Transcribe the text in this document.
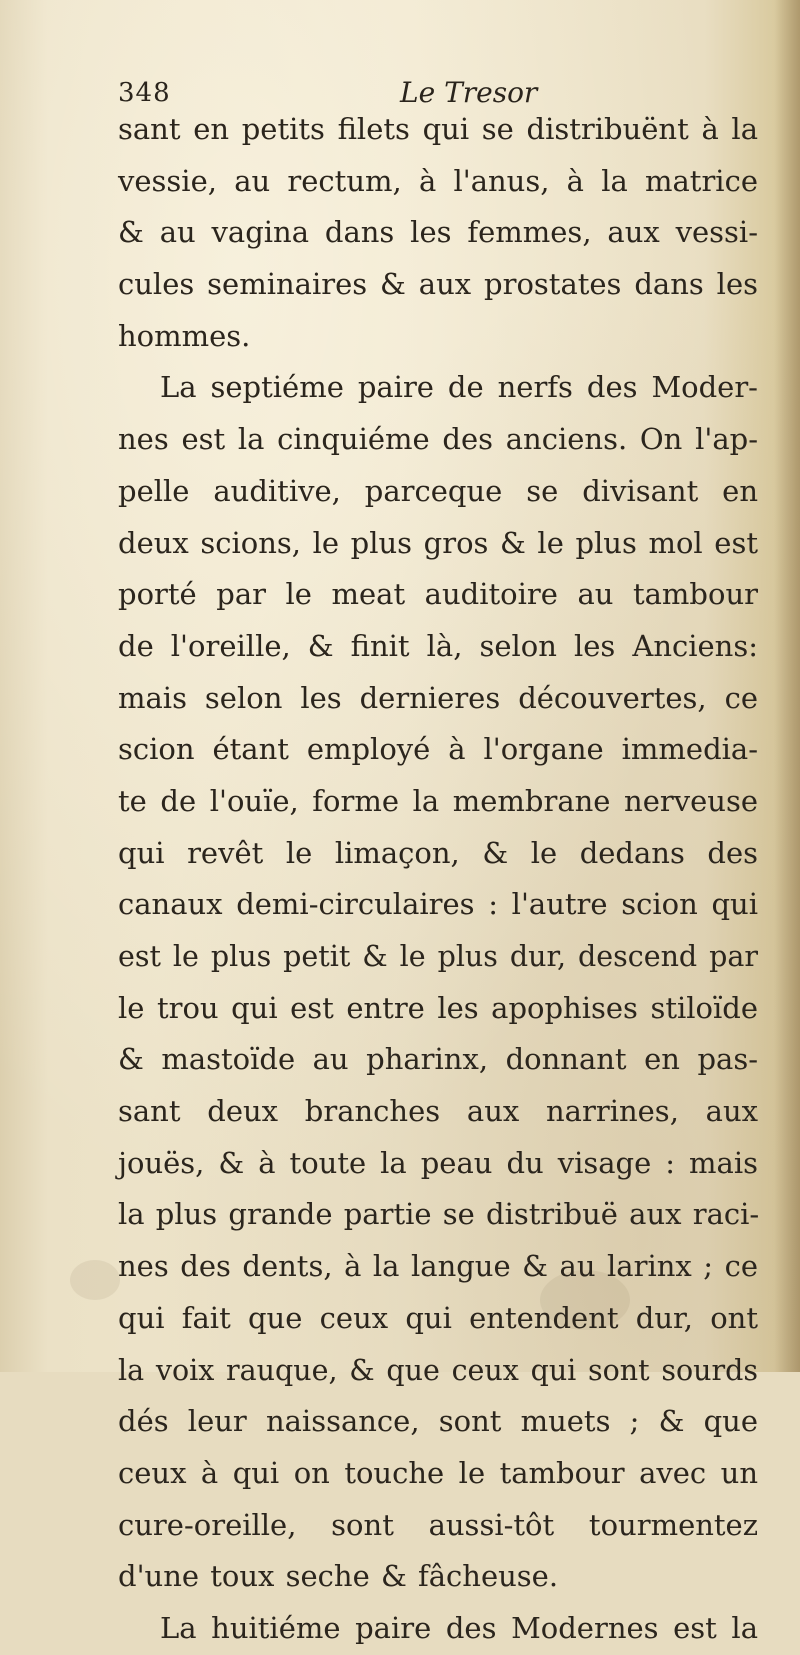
348	Le Tresor
sant en petits filets qui se distribuënt à la
vessie, au rectum, à l'anus, à la matrice
& au vagina dans les femmes, aux vessi-
cules seminaires & aux prostates dans les
hommes.
La septiéme paire de nerfs des Moder-
nes est la cinquiéme des anciens. On l'ap-
pelle auditive, parceque se divisant en
deux scions, le plus gros & le plus mol est
porté par le meat auditoire au tambour
de l'oreille, & finit là, selon les Anciens:
mais selon les dernieres découvertes, ce
scion étant employé à l'organe immedia-
te de l'ouïe, forme la membrane nerveuse
qui revêt le limaçon, & le dedans des
canaux demi-circulaires : l'autre scion qui
est le plus petit & le plus dur, descend par
le trou qui est entre les apophises stiloïde
& mastoïde au pharinx, donnant en pas-
sant deux branches aux narrines, aux
jouës, & à toute la peau du visage : mais
la plus grande partie se distribuë aux raci-
nes des dents, à la langue & au larinx ; ce
qui fait que ceux qui entendent dur, ont
la voix rauque, & que ceux qui sont sourds
dés leur naissance, sont muets ; & que
ceux à qui on touche le tambour avec un
cure-oreille, sont aussi-tôt tourmentez
d'une toux seche & fâcheuse.
La huitiéme paire des Modernes est la
